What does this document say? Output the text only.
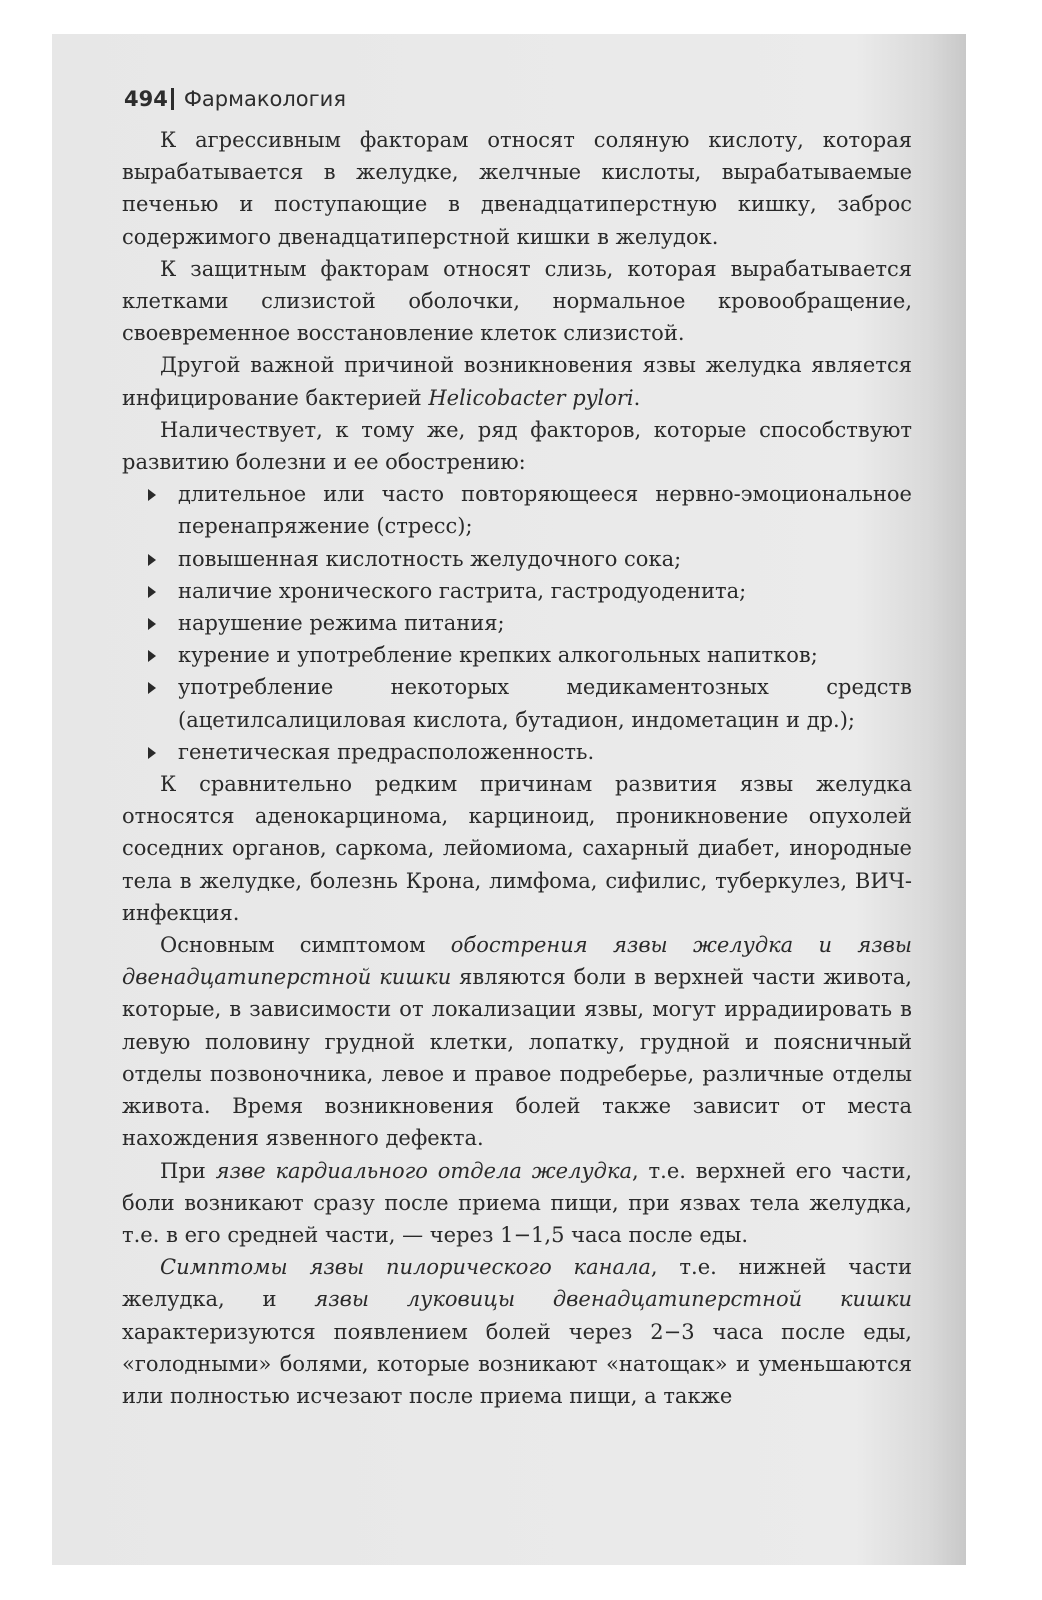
494 Фармакология

К агрессивным факторам относят соляную кислоту, которая вырабатывается в желудке, желчные кислоты, вырабатываемые печенью и поступающие в двенадцатиперстную кишку, заброс содержимого двенадцатиперстной кишки в желудок.

К защитным факторам относят слизь, которая вырабатывается клетками слизистой оболочки, нормальное кровообращение, своевременное восстановление клеток слизистой.

Другой важной причиной возникновения язвы желудка является инфицирование бактерией Helicobacter pylori.

Наличествует, к тому же, ряд факторов, которые способствуют развитию болезни и ее обострению:

длительное или часто повторяющееся нервно-эмоциональное перенапряжение (стресс);
повышенная кислотность желудочного сока;
наличие хронического гастрита, гастродуоденита;
нарушение режима питания;
курение и употребление крепких алкогольных напитков;
употребление некоторых медикаментозных средств (ацетилсалициловая кислота, бутадион, индометацин и др.);
генетическая предрасположенность.

К сравнительно редким причинам развития язвы желудка относятся аденокарцинома, карциноид, проникновение опухолей соседних органов, саркома, лейомиома, сахарный диабет, инородные тела в желудке, болезнь Крона, лимфома, сифилис, туберкулез, ВИЧ-инфекция.

Основным симптомом обострения язвы желудка и язвы двенадцатиперстной кишки являются боли в верхней части живота, которые, в зависимости от локализации язвы, могут иррадиировать в левую половину грудной клетки, лопатку, грудной и поясничный отделы позвоночника, левое и правое подреберье, различные отделы живота. Время возникновения болей также зависит от места нахождения язвенного дефекта.

При язве кардиального отдела желудка, т.е. верхней его части, боли возникают сразу после приема пищи, при язвах тела желудка, т.е. в его средней части, — через 1−1,5 часа после еды.

Симптомы язвы пилорического канала, т.е. нижней части желудка, и язвы луковицы двенадцатиперстной кишки характеризуются появлением болей через 2−3 часа после еды, «голодными» болями, которые возникают «натощак» и уменьшаются или полностью исчезают после приема пищи, а также
